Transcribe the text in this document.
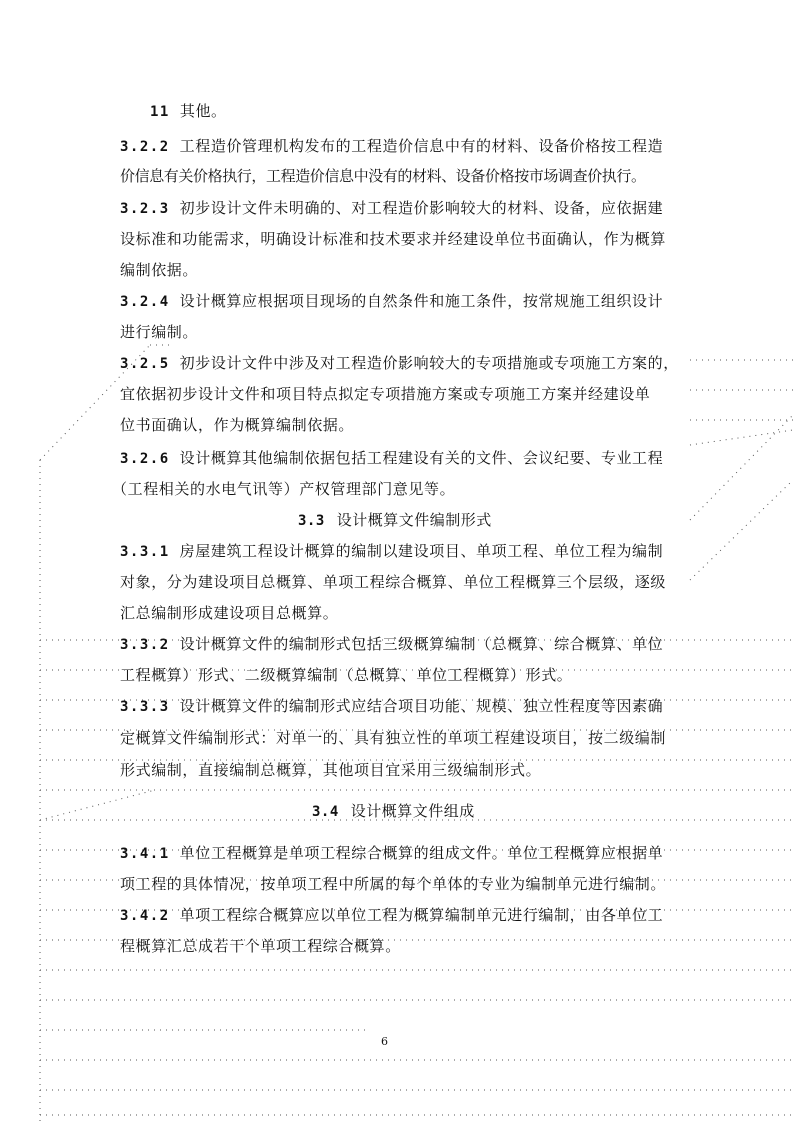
11 其他。
3.2.2 工程造价管理机构发布的工程造价信息中有的材料、设备价格按工程造
价信息有关价格执行，工程造价信息中没有的材料、设备价格按市场调查价执行。
3.2.3 初步设计文件未明确的、对工程造价影响较大的材料、设备，应依据建
设标准和功能需求，明确设计标准和技术要求并经建设单位书面确认，作为概算
编制依据。
3.2.4 设计概算应根据项目现场的自然条件和施工条件，按常规施工组织设计
进行编制。
3.2.5 初步设计文件中涉及对工程造价影响较大的专项措施或专项施工方案的，
宜依据初步设计文件和项目特点拟定专项措施方案或专项施工方案并经建设单
位书面确认，作为概算编制依据。
3.2.6 设计概算其他编制依据包括工程建设有关的文件、会议纪要、专业工程
（工程相关的水电气讯等）产权管理部门意见等。
3.3 设计概算文件编制形式
3.3.1 房屋建筑工程设计概算的编制以建设项目、单项工程、单位工程为编制
对象，分为建设项目总概算、单项工程综合概算、单位工程概算三个层级，逐级
汇总编制形成建设项目总概算。
3.3.2 设计概算文件的编制形式包括三级概算编制（总概算、综合概算、单位
工程概算）形式、二级概算编制（总概算、单位工程概算）形式。
3.3.3 设计概算文件的编制形式应结合项目功能、规模、独立性程度等因素确
定概算文件编制形式：对单一的、具有独立性的单项工程建设项目，按二级编制
形式编制，直接编制总概算，其他项目宜采用三级编制形式。
3.4 设计概算文件组成
3.4.1 单位工程概算是单项工程综合概算的组成文件。单位工程概算应根据单
项工程的具体情况，按单项工程中所属的每个单体的专业为编制单元进行编制。
3.4.2 单项工程综合概算应以单位工程为概算编制单元进行编制，由各单位工
程概算汇总成若干个单项工程综合概算。
6
